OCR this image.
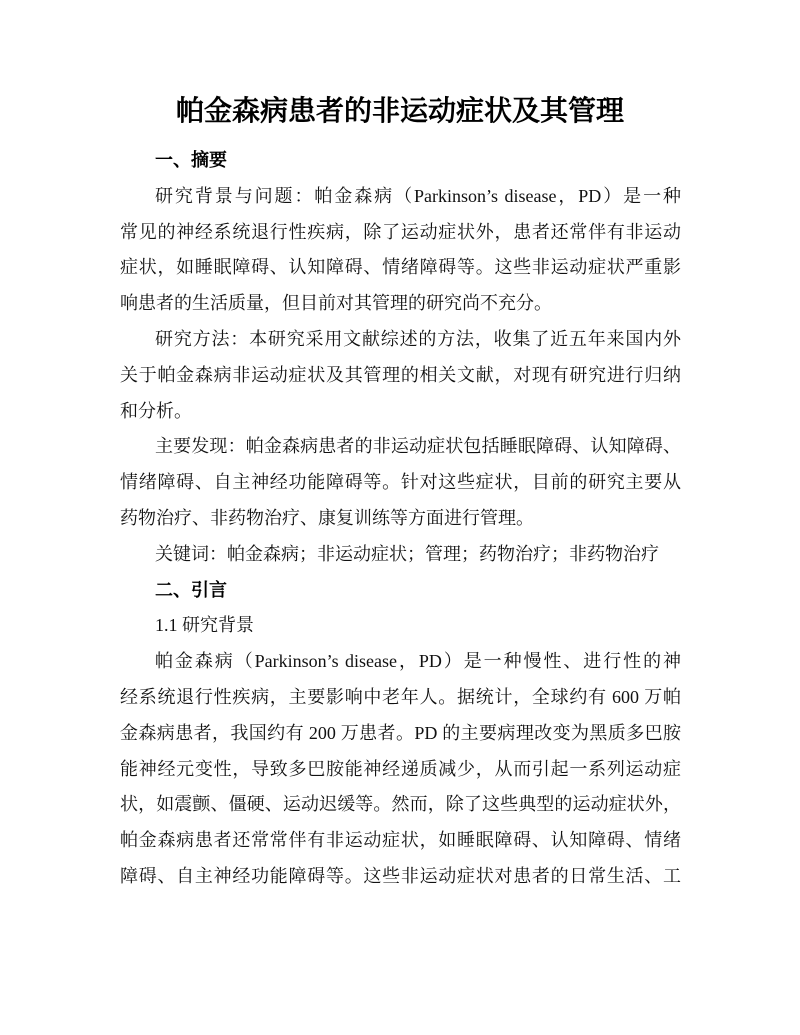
帕金森病患者的非运动症状及其管理
一、摘要
研究背景与问题：帕金森病（Parkinson’s disease，PD）是一种
常见的神经系统退行性疾病，除了运动症状外，患者还常伴有非运动
症状，如睡眠障碍、认知障碍、情绪障碍等。这些非运动症状严重影
响患者的生活质量，但目前对其管理的研究尚不充分。
研究方法：本研究采用文献综述的方法，收集了近五年来国内外
关于帕金森病非运动症状及其管理的相关文献，对现有研究进行归纳
和分析。
主要发现：帕金森病患者的非运动症状包括睡眠障碍、认知障碍、
情绪障碍、自主神经功能障碍等。针对这些症状，目前的研究主要从
药物治疗、非药物治疗、康复训练等方面进行管理。
关键词：帕金森病；非运动症状；管理；药物治疗；非药物治疗
二、引言
1.1 研究背景
帕金森病（Parkinson’s disease，PD）是一种慢性、进行性的神
经系统退行性疾病，主要影响中老年人。据统计，全球约有 600 万帕
金森病患者，我国约有 200 万患者。PD 的主要病理改变为黑质多巴胺
能神经元变性，导致多巴胺能神经递质减少，从而引起一系列运动症
状，如震颤、僵硬、运动迟缓等。然而，除了这些典型的运动症状外，
帕金森病患者还常常伴有非运动症状，如睡眠障碍、认知障碍、情绪
障碍、自主神经功能障碍等。这些非运动症状对患者的日常生活、工
